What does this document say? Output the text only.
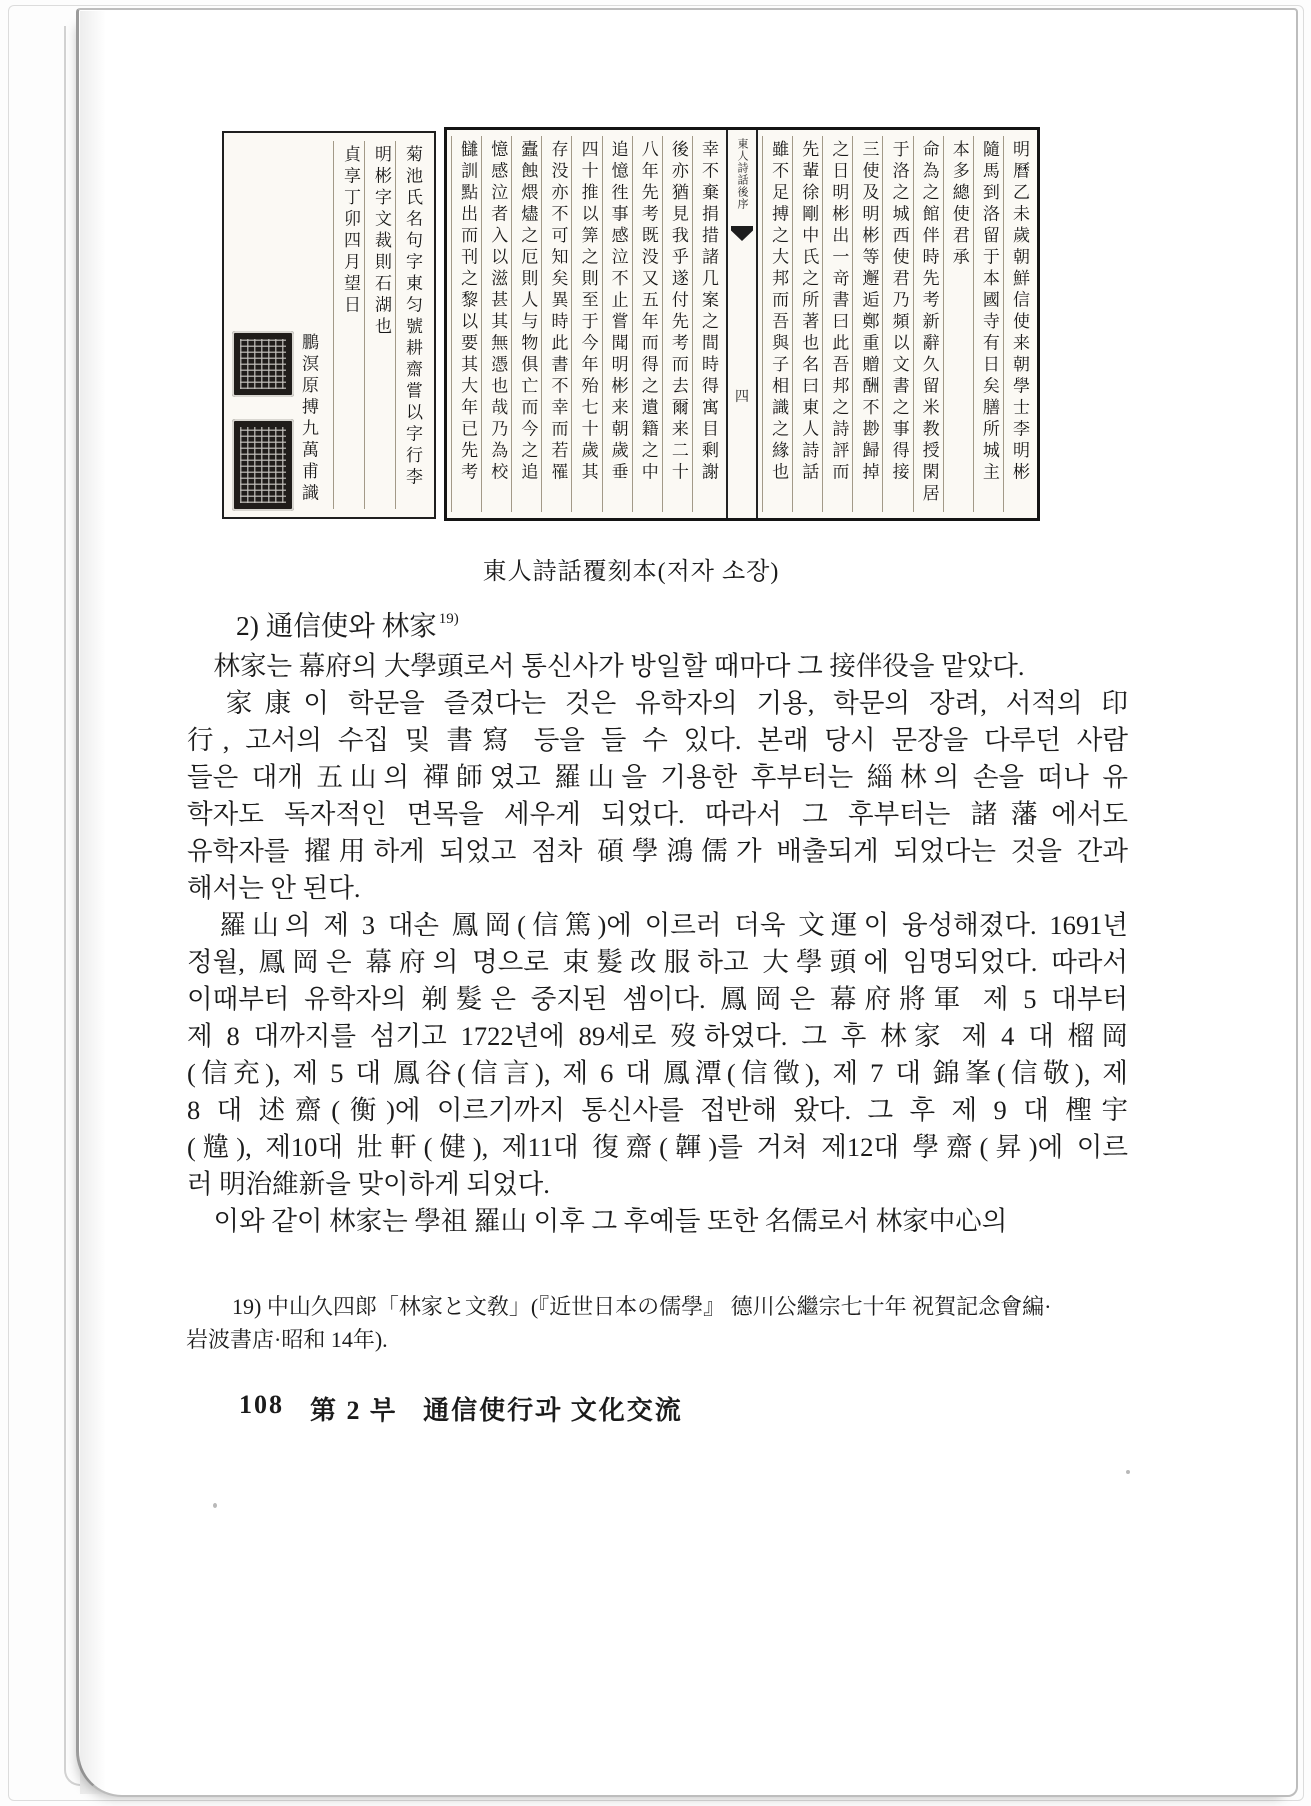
菊池氏名句字東匀號耕齋嘗以字行李
明彬字文裁則石湖也
貞享丁卯四月望日
鵬溟原搏九萬甫識	幸不棄捐措諸几案之間時得寓目剩謝
後亦猶見我乎遂付先考而去爾来二十
八年先考既没又五年而得之遺籍之中
追憶徃事感泣不止嘗聞明彬来朝歲垂
四十推以筭之則至于今年殆七十歲其
存没亦不可知矣異時此書不幸而若罹
蠹蝕煨燼之厄則人与物俱亡而今之追
憶感泣者入以滋甚其無憑也哉乃為校
讎訓點出而刊之黎以要其大年已先考	東人詩話後序
四	明曆乙未歲朝鮮信使来朝學士李明彬
隨馬到洛留于本國寺有日矣膳所城主
本多總使君承
命為之館伴時先考新辭久留米教授閑居
于洛之城西使君乃頻以文書之事得接
三使及明彬等邂逅鄭重贈酬不尠歸掉
之日明彬出一竒書曰此吾邦之詩評而
先輩徐剛中氏之所著也名曰東人詩話
雖不足搏之大邦而吾與子相識之緣也
東人詩話覆刻本(저자 소장)
2) 通信使와 林家 $^{19)}$
　林家는 幕府의 大學頭로서 통신사가 방일할 때마다 그 接伴役을 맡았다.
　家康이 학문을 즐겼다는 것은 유학자의 기용, 학문의 장려, 서적의 印
行, 고서의 수집 및 書寫 등을 들 수 있다. 본래 당시 문장을 다루던 사람
들은 대개 五山의 禪師였고 羅山을 기용한 후부터는 緇林의 손을 떠나 유
학자도 독자적인 면목을 세우게 되었다. 따라서 그 후부터는 諸藩에서도
유학자를 擢用하게 되었고 점차 碩學鴻儒가 배출되게 되었다는 것을 간과
해서는 안 된다.
　羅山의 제 3 대손 鳳岡(信篤)에 이르러 더욱 文運이 융성해졌다. 1691년
정월, 鳳岡은 幕府의 명으로 束髮改服하고 大學頭에 임명되었다. 따라서
이때부터 유학자의 剃髮은 중지된 셈이다. 鳳岡은 幕府將軍 제 5 대부터
제 8 대까지를 섬기고 1722년에 89세로 歿하였다. 그 후 林家 제 4 대 榴岡
(信充), 제 5 대 鳳谷(信言), 제 6 대 鳳潭(信徵), 제 7 대 錦峯(信敬), 제
8 대 述齋(衡)에 이르기까지 통신사를 접반해 왔다. 그 후 제 9 대 檉宇
(韑), 제10대 壯軒(健), 제11대 復齋(韗)를 거쳐 제12대 學齋(昇)에 이르
러 明治維新을 맞이하게 되었다.
　이와 같이 林家는 學祖 羅山 이후 그 후예들 또한 名儒로서 林家中心의
19) 中山久四郞「林家と文敎」(『近世日本の儒學』 德川公繼宗七十年 祝賀記念會編·
岩波書店·昭和 14年).
108 第 2 부 通信使行과 文化交流
